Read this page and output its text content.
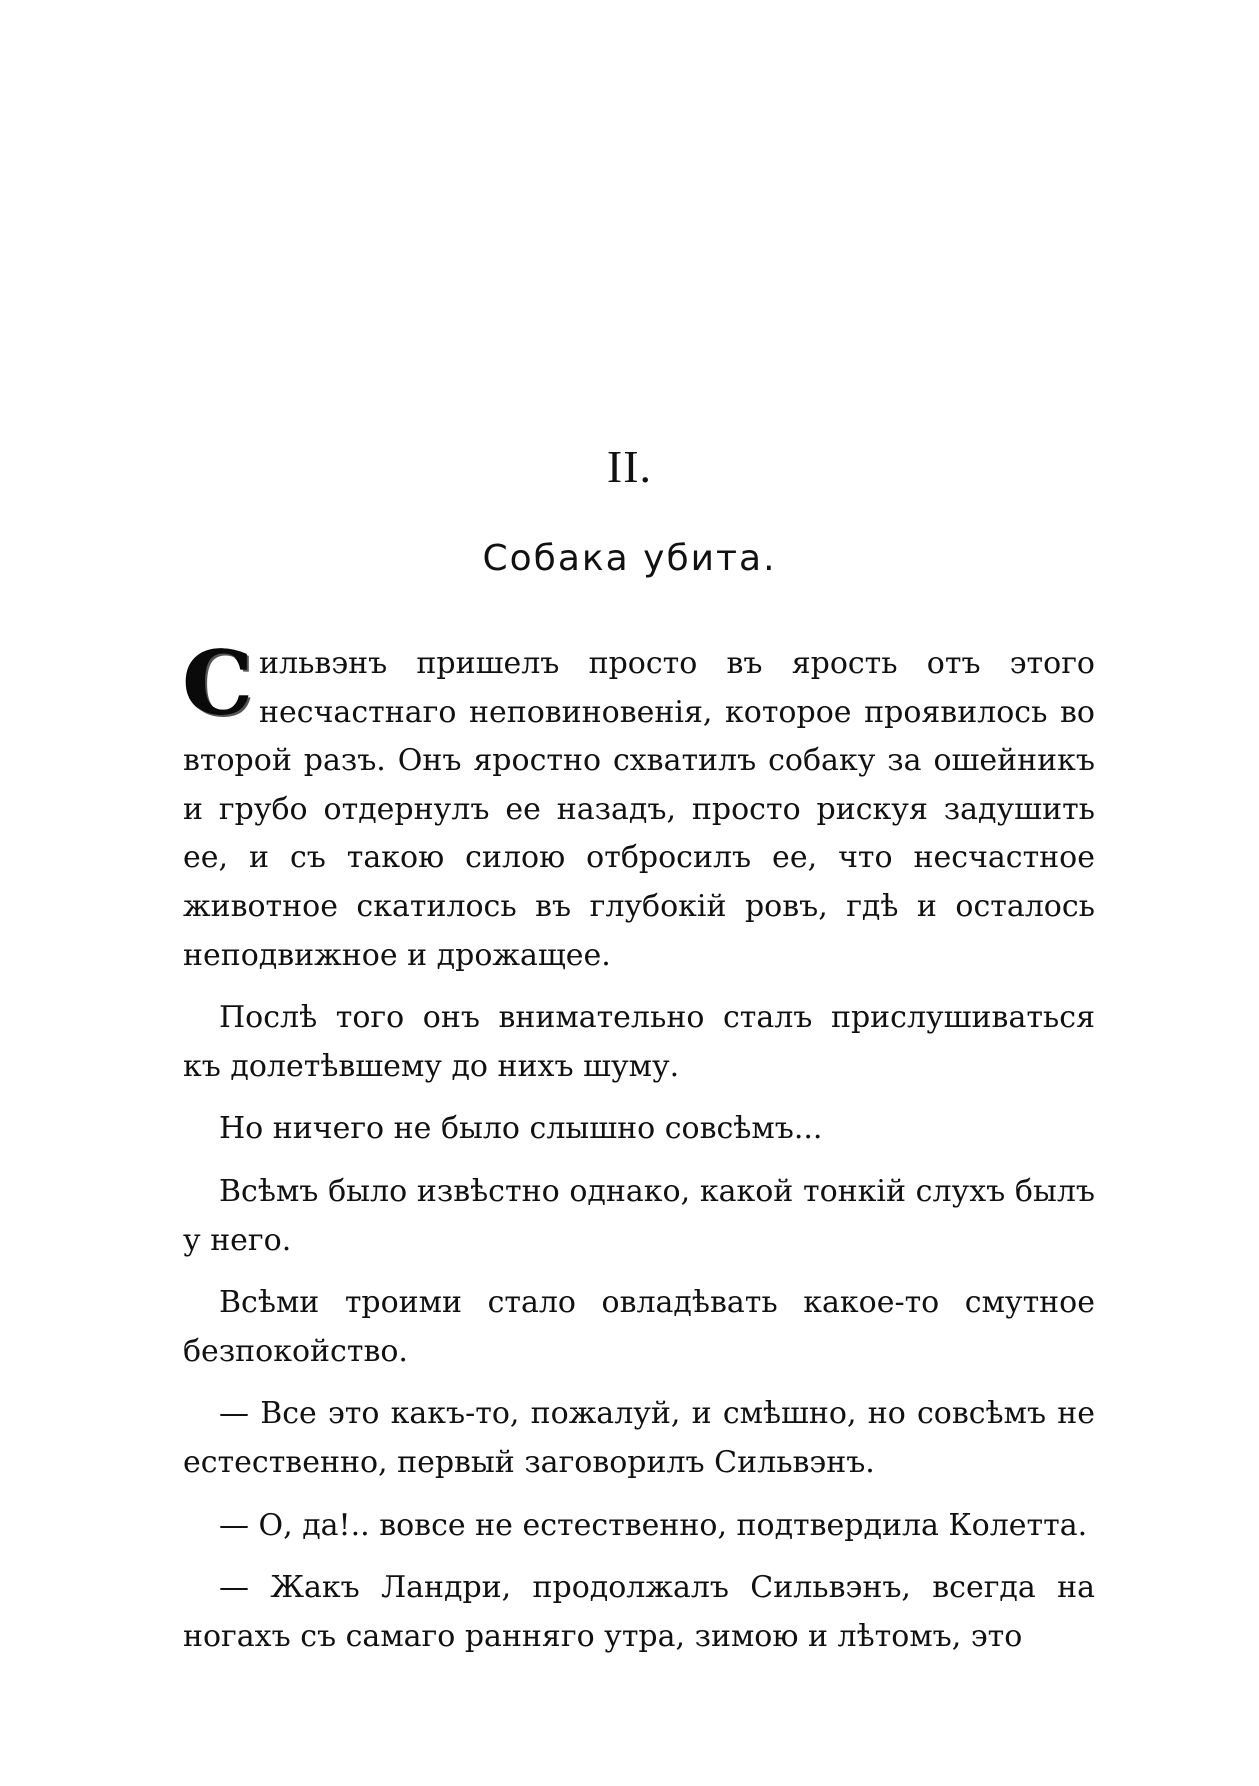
II.
Собака убита.

Сильвэнъ пришелъ просто въ ярость отъ этого несчастнаго неповиновенія, которое проявилось во второй разъ. Онъ яростно схватилъ собаку за ошейникъ и грубо отдернулъ ее назадъ, просто рискуя задушить ее, и съ такою силою отбросилъ ее, что несчастное животное скатилось въ глубокій ровъ, гдѣ и осталось неподвижное и дрожащее.

Послѣ того онъ внимательно сталъ прислушиваться къ долетѣвшему до нихъ шуму.

Но ничего не было слышно совсѣмъ...

Всѣмъ было извѣстно однако, какой тонкій слухъ былъ у него.

Всѣми троими стало овладѣвать какое-то смутное безпокойство.

— Все это какъ-то, пожалуй, и смѣшно, но совсѣмъ не естественно, первый заговорилъ Сильвэнъ.

— О, да!.. вовсе не естественно, подтвердила Колетта.

— Жакъ Ландри, продолжалъ Сильвэнъ, всегда на ногахъ съ самаго ранняго утра, зимою и лѣтомъ, это
